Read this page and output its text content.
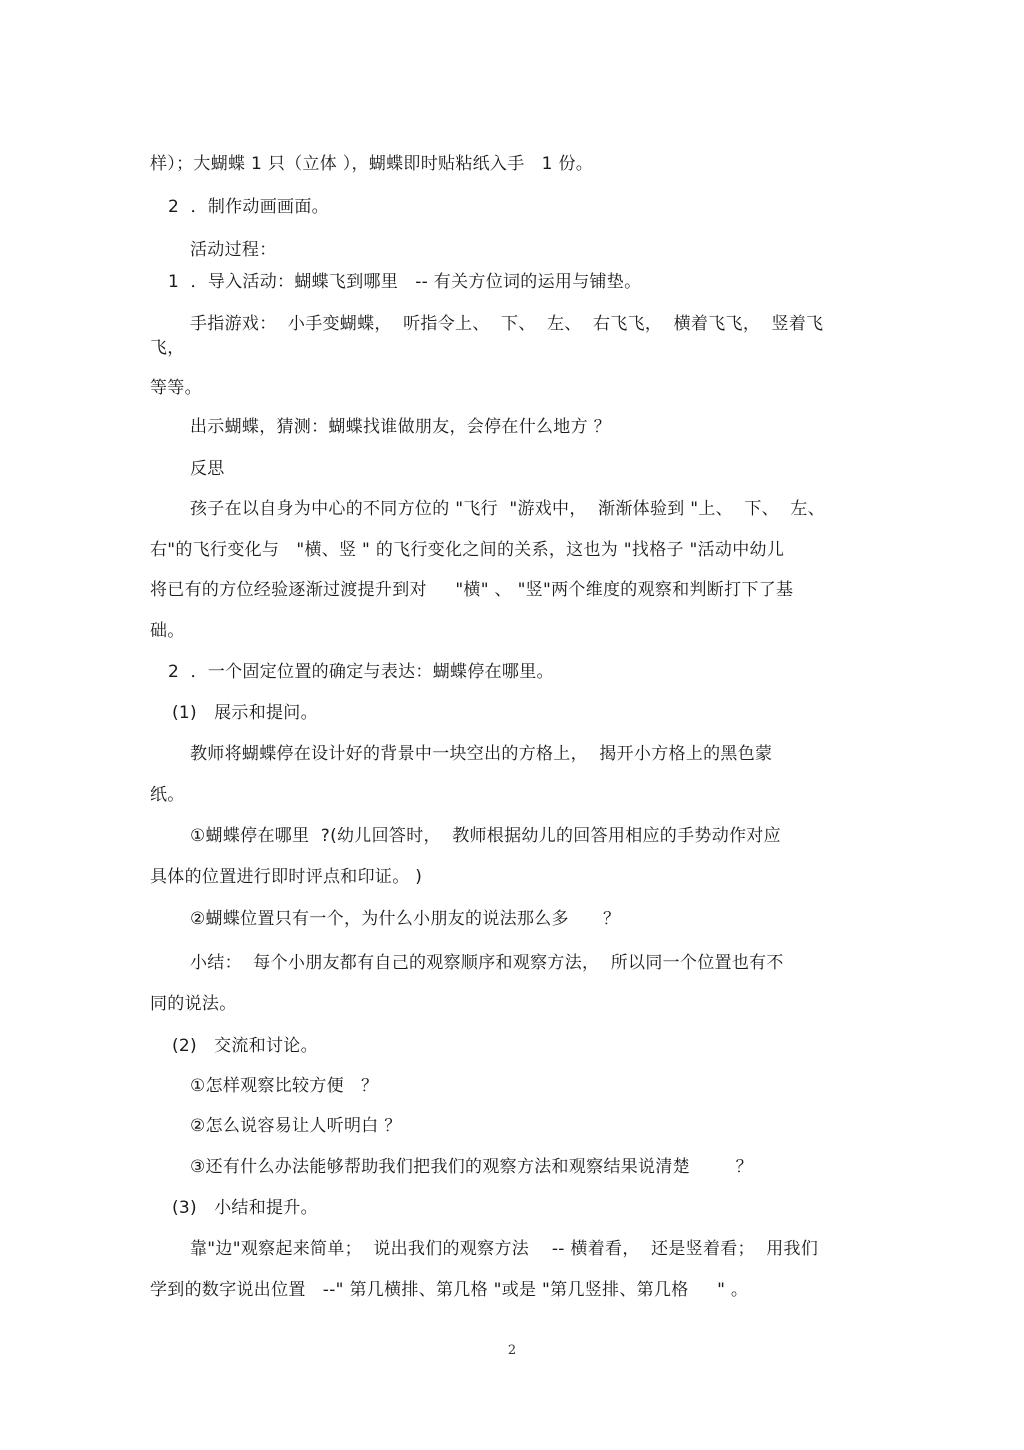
样）；大蝴蝶 1 只（立体 ），蝴蝶即时贴粘纸入手   1 份。
2  ．制作动画画面。
活动过程：
1  ．导入活动：蝴蝶飞到哪里   -- 有关方位词的运用与铺垫。
手指游戏：  小手变蝴蝶，  听指令上、  下、  左、  右飞飞，  横着飞飞，  竖着飞
飞，
等等。
出示蝴蝶，猜测：蝴蝶找谁做朋友，会停在什么地方 ？
反思
孩子在以自身为中心的不同方位的 "飞行  "游戏中，  渐渐体验到 "上、  下、  左、
右"的飞行变化与   "横、竖 " 的飞行变化之间的关系，这也为 "找格子 "活动中幼儿
将已有的方位经验逐渐过渡提升到对     "横" 、 "竖"两个维度的观察和判断打下了基
础。
2  ．一个固定位置的确定与表达：蝴蝶停在哪里。
(1)   展示和提问。
教师将蝴蝶停在设计好的背景中一块空出的方格上，  揭开小方格上的黑色蒙
纸。
①蝴蝶停在哪里  ?(幼儿回答时，  教师根据幼儿的回答用相应的手势动作对应
具体的位置进行即时评点和印证。 )
②蝴蝶位置只有一个，为什么小朋友的说法那么多      ？
小结：  每个小朋友都有自己的观察顺序和观察方法，  所以同一个位置也有不
同的说法。
(2)   交流和讨论。
①怎样观察比较方便   ？
②怎么说容易让人听明白 ？
③还有什么办法能够帮助我们把我们的观察方法和观察结果说清楚        ？
(3)   小结和提升。
靠"边"观察起来简单；  说出我们的观察方法    -- 横着看，  还是竖着看；  用我们
学到的数字说出位置   --" 第几横排、第几格 "或是 "第几竖排、第几格     " 。
2
